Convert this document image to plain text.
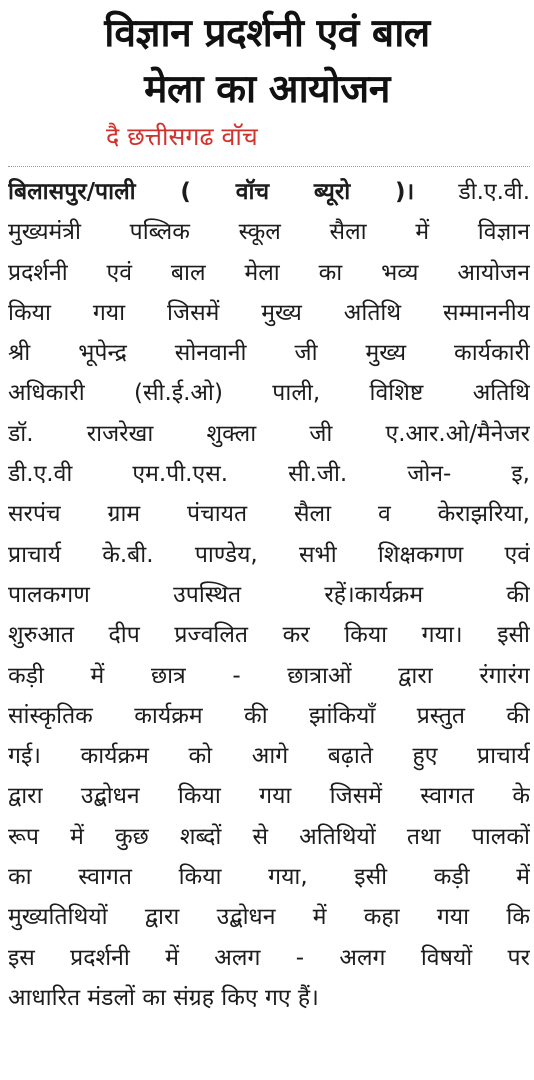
विज्ञान प्रदर्शनी एवं बाल
मेला का आयोजन
दै छत्तीसगढ वाॅच
बिलासपुर/पाली ( वॉच ब्यूरो )। डी.ए.वी.
मुख्यमंत्री पब्लिक स्कूल सैला में विज्ञान
प्रदर्शनी एवं बाल मेला का भव्य आयोजन
किया गया जिसमें मुख्य अतिथि सम्माननीय
श्री भूपेन्द्र सोनवानी जी मुख्य कार्यकारी
अधिकारी (सी.ई.ओ) पाली, विशिष्ट अतिथि
डॉ. राजरेखा शुक्ला जी ए.आर.ओ/मैनेजर
डी.ए.वी एम.पी.एस. सी.जी. जोन- इ,
सरपंच ग्राम पंचायत सैला व केराझरिया,
प्राचार्य के.बी. पाण्डेय, सभी शिक्षकगण एवं
पालकगण उपस्थित रहें।कार्यक्रम की
शुरुआत दीप प्रज्वलित कर किया गया। इसी
कड़ी में छात्र - छात्राओं द्वारा रंगारंग
सांस्कृतिक कार्यक्रम की झांकियाँ प्रस्तुत की
गई। कार्यक्रम को आगे बढ़ाते हुए प्राचार्य
द्वारा उद्बोधन किया गया जिसमें स्वागत के
रूप में कुछ शब्दों से अतिथियों तथा पालकों
का स्वागत किया गया, इसी कड़ी में
मुख्यतिथियों द्वारा उद्बोधन में कहा गया कि
इस प्रदर्शनी में अलग - अलग विषयों पर
आधारित मंडलों का संग्रह किए गए हैं।
